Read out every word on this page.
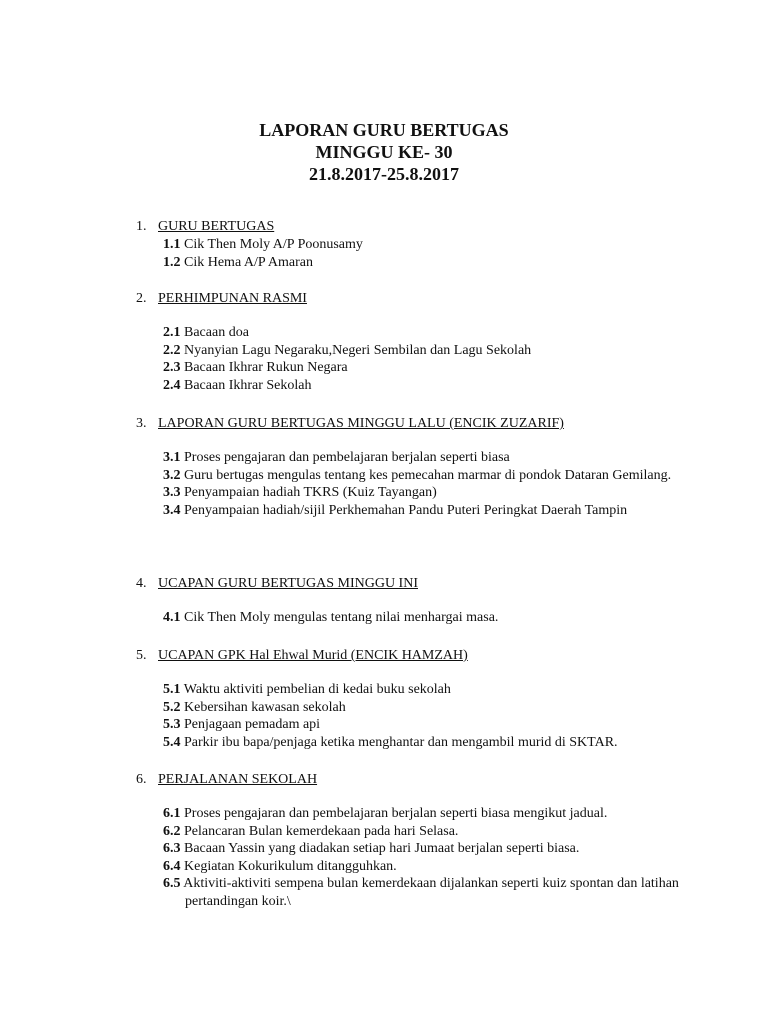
LAPORAN GURU BERTUGAS
MINGGU KE- 30
21.8.2017-25.8.2017
1. GURU BERTUGAS
1.1 Cik Then Moly A/P Poonusamy
1.2 Cik Hema A/P Amaran
2. PERHIMPUNAN RASMI
2.1 Bacaan doa
2.2 Nyanyian Lagu Negaraku,Negeri Sembilan dan Lagu Sekolah
2.3 Bacaan Ikhrar Rukun Negara
2.4 Bacaan Ikhrar Sekolah
3. LAPORAN GURU BERTUGAS MINGGU LALU (ENCIK ZUZARIF)
3.1 Proses pengajaran dan pembelajaran berjalan seperti biasa
3.2 Guru bertugas mengulas tentang kes pemecahan marmar di pondok Dataran Gemilang.
3.3 Penyampaian hadiah TKRS (Kuiz Tayangan)
3.4 Penyampaian hadiah/sijil Perkhemahan Pandu Puteri Peringkat Daerah Tampin
4. UCAPAN GURU BERTUGAS MINGGU INI
4.1 Cik Then Moly mengulas tentang nilai menhargai masa.
5. UCAPAN GPK Hal Ehwal Murid (ENCIK HAMZAH)
5.1 Waktu aktiviti pembelian di kedai buku sekolah
5.2 Kebersihan kawasan sekolah
5.3 Penjagaan pemadam api
5.4 Parkir ibu bapa/penjaga ketika menghantar dan mengambil murid di SKTAR.
6. PERJALANAN SEKOLAH
6.1 Proses pengajaran dan pembelajaran berjalan seperti biasa mengikut jadual.
6.2 Pelancaran Bulan kemerdekaan pada hari Selasa.
6.3 Bacaan Yassin yang diadakan setiap hari Jumaat berjalan seperti biasa.
6.4 Kegiatan Kokurikulum ditangguhkan.
6.5 Aktiviti-aktiviti sempena bulan kemerdekaan dijalankan seperti kuiz spontan dan latihan pertandingan koir.\
